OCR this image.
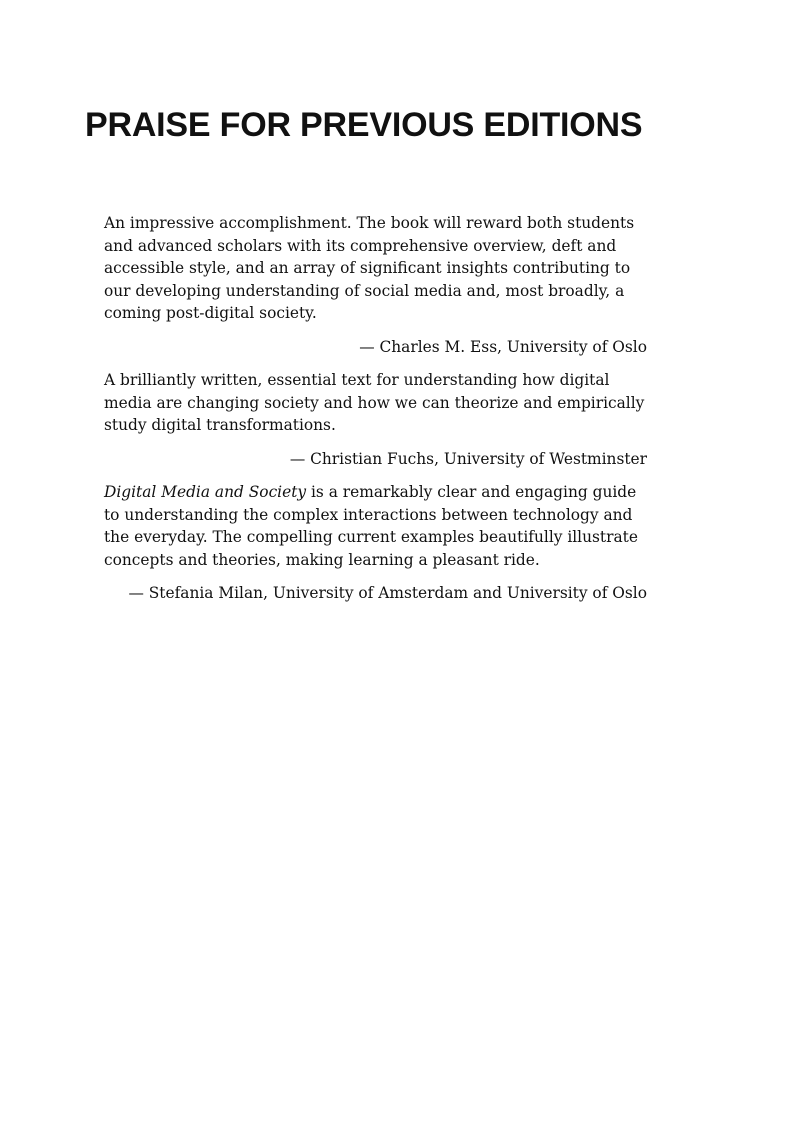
PRAISE FOR PREVIOUS EDITIONS

An impressive accomplishment. The book will reward both students and advanced scholars with its comprehensive overview, deft and accessible style, and an array of significant insights contributing to our developing understanding of social media and, most broadly, a coming post-digital society.

— Charles M. Ess, University of Oslo

A brilliantly written, essential text for understanding how digital media are changing society and how we can theorize and empirically study digital transformations.

— Christian Fuchs, University of Westminster

Digital Media and Society is a remarkably clear and engaging guide to understanding the complex interactions between technology and the everyday. The compelling current examples beautifully illustrate concepts and theories, making learning a pleasant ride.

— Stefania Milan, University of Amsterdam and University of Oslo
